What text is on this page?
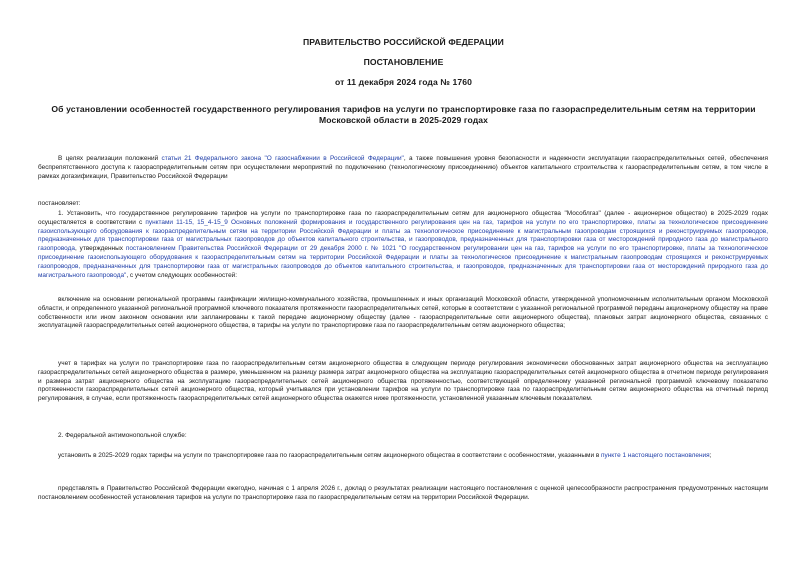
ПРАВИТЕЛЬСТВО РОССИЙСКОЙ ФЕДЕРАЦИИ
ПОСТАНОВЛЕНИЕ
от 11 декабря 2024 года № 1760
Об установлении особенностей государственного регулирования тарифов на услуги по транспортировке газа по газораспределительным сетям на территории Московской области в 2025-2029 годах
В целях реализации положений статьи 21 Федерального закона "О газоснабжении в Российской Федерации", а также повышения уровня безопасности и надежности эксплуатации газораспределительных сетей, обеспечения беспрепятственного доступа к газораспределительным сетям при осуществлении мероприятий по подключению (технологическому присоединению) объектов капитального строительства к газораспределительным сетям, в том числе в рамках догазификации, Правительство Российской Федерации
постановляет:
1. Установить, что государственное регулирование тарифов на услуги по транспортировке газа по газораспределительным сетям для акционерного общества "Мособлгаз" (далее - акционерное общество) в 2025-2029 годах осуществляется в соответствии с пунктами 11-15, 15_4-15_9 Основных положений формирования и государственного регулирования цен на газ, тарифов на услуги по его транспортировке, платы за технологическое присоединение газоиспользующего оборудования к газораспределительным сетям на территории Российской Федерации и платы за технологическое присоединение к магистральным газопроводам строящихся и реконструируемых газопроводов, предназначенных для транспортировки газа от магистральных газопроводов до объектов капитального строительства, и газопроводов, предназначенных для транспортировки газа от месторождений природного газа до магистрального газопровода, утвержденных постановлением Правительства Российской Федерации от 29 декабря 2000 г. № 1021 "О государственном регулировании цен на газ, тарифов на услуги по его транспортировке, платы за технологическое присоединение газоиспользующего оборудования к газораспределительным сетям на территории Российской Федерации и платы за технологическое присоединение к магистральным газопроводам строящихся и реконструируемых газопроводов, предназначенных для транспортировки газа от магистральных газопроводов до объектов капитального строительства, и газопроводов, предназначенных для транспортировки газа от месторождений природного газа до магистрального газопровода", с учетом следующих особенностей:
включение на основании региональной программы газификации жилищно-коммунального хозяйства, промышленных и иных организаций Московской области, утвержденной уполномоченным исполнительным органом Московской области, и определенного указанной региональной программой ключевого показателя протяженности газораспределительных сетей, которые в соответствии с указанной региональной программой переданы акционерному обществу на праве собственности или ином законном основании или запланированы к такой передаче акционерному обществу (далее - газораспределительные сети акционерного общества), плановых затрат акционерного общества, связанных с эксплуатацией газораспределительных сетей акционерного общества, в тарифы на услуги по транспортировке газа по газораспределительным сетям акционерного общества;
учет в тарифах на услуги по транспортировке газа по газораспределительным сетям акционерного общества в следующем периоде регулирования экономически обоснованных затрат акционерного общества на эксплуатацию газораспределительных сетей акционерного общества в размере, уменьшенном на разницу размера затрат акционерного общества на эксплуатацию газораспределительных сетей акционерного общества в отчетном периоде регулирования и размера затрат акционерного общества на эксплуатацию газораспределительных сетей акционерного общества протяженностью, соответствующей определенному указанной региональной программой ключевому показателю протяженности газораспределительных сетей акционерного общества, который учитывался при установлении тарифов на услуги по транспортировке газа по газораспределительным сетям акционерного общества на отчетный период регулирования, в случае, если протяженность газораспределительных сетей акционерного общества окажется ниже протяженности, установленной указанным ключевым показателем.
2. Федеральной антимонопольной службе:
установить в 2025-2029 годах тарифы на услуги по транспортировке газа по газораспределительным сетям акционерного общества в соответствии с особенностями, указанными в пункте 1 настоящего постановления;
представлять в Правительство Российской Федерации ежегодно, начиная с 1 апреля 2026 г., доклад о результатах реализации настоящего постановления с оценкой целесообразности распространения предусмотренных настоящим постановлением особенностей установления тарифов на услуги по транспортировке газа по газораспределительным сетям на территории Российской Федерации.
